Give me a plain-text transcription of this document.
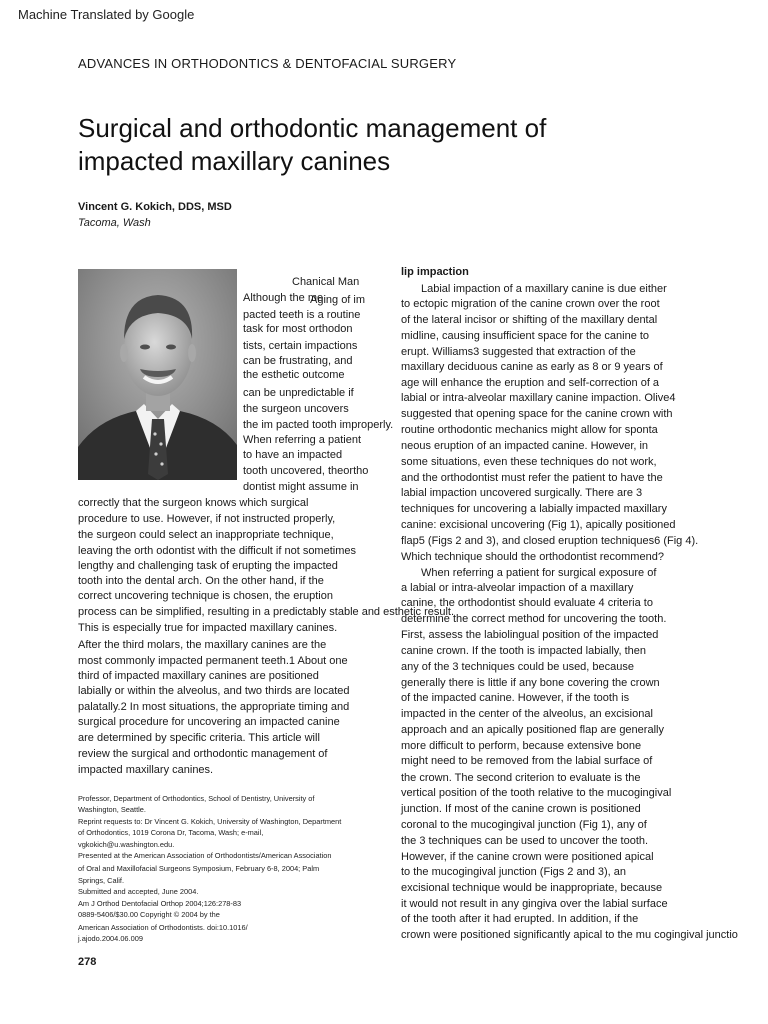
Machine Translated by Google
ADVANCES IN ORTHODONTICS & DENTOFACIAL SURGERY
Surgical and orthodontic management of
impacted maxillary canines
Vincent G. Kokich, DDS, MSD
Tacoma, Wash
Chanical Man
Although the me
Aging of im
pacted teeth is a routine
task for most orthodon
tists, certain impactions
can be frustrating, and
the esthetic outcome
can be unpredictable if
the surgeon uncovers
the im pacted tooth improperly.
When referring a patient
to have an impacted
tooth uncovered, theortho
dontist might assume in
correctly that the surgeon knows which surgical
procedure to use. However, if not instructed properly,
the surgeon could select an inappropriate technique,
leaving the orth odontist with the difficult if not sometimes
lengthy and challenging task of erupting the impacted
tooth into the dental arch. On the other hand, if the
correct uncovering technique is chosen, the eruption
process can be simplified, resulting in a predictably stable and esthetic result.
This is especially true for impacted maxillary canines.
After the third molars, the maxillary canines are the
most commonly impacted permanent teeth.1 About one
third of impacted maxillary canines are positioned
labially or within the alveolus, and two thirds are located
palatally.2 In most situations, the appropriate timing and
surgical procedure for uncovering an impacted canine
are determined by specific criteria. This article will
review the surgical and orthodontic management of
impacted maxillary canines.
lip impaction
Labial impaction of a maxillary canine is due either
to ectopic migration of the canine crown over the root
of the lateral incisor or shifting of the maxillary dental
midline, causing insufficient space for the canine to
erupt. Williams3 suggested that extraction of the
maxillary deciduous canine as early as 8 or 9 years of
age will enhance the eruption and self-correction of a
labial or intra-alveolar maxillary canine impaction. Olive4
suggested that opening space for the canine crown with
routine orthodontic mechanics might allow for sponta
neous eruption of an impacted canine. However, in
some situations, even these techniques do not work,
and the orthodontist must refer the patient to have the
labial impaction uncovered surgically. There are 3
techniques for uncovering a labially impacted maxillary
canine: excisional uncovering (Fig 1), apically positioned
flap5 (Figs 2 and 3), and closed eruption techniques6 (Fig 4).
Which technique should the orthodontist recommend?
When referring a patient for surgical exposure of
a labial or intra-alveolar impaction of a maxillary
canine, the orthodontist should evaluate 4 criteria to
determine the correct method for uncovering the tooth.
First, assess the labiolingual position of the impacted
canine crown. If the tooth is impacted labially, then
any of the 3 techniques could be used, because
generally there is little if any bone covering the crown
of the impacted canine. However, if the tooth is
impacted in the center of the alveolus, an excisional
approach and an apically positioned flap are generally
more difficult to perform, because extensive bone
might need to be removed from the labial surface of
the crown. The second criterion to evaluate is the
vertical position of the tooth relative to the mucogingival
junction. If most of the canine crown is positioned
coronal to the mucogingival junction (Fig 1), any of
the 3 techniques can be used to uncover the tooth.
However, if the canine crown were positioned apical
to the mucogingival junction (Figs 2 and 3), an
excisional technique would be inappropriate, because
it would not result in any gingiva over the labial surface
of the tooth after it had erupted. In addition, if the
crown were positioned significantly apical to the mu cogingival junctio
Professor, Department of Orthodontics, School of Dentistry, University of
Washington, Seattle.
Reprint requests to: Dr Vincent G. Kokich, University of Washington, Department
of Orthodontics, 1019 Corona Dr, Tacoma, Wash; e-mail,
vgkokich@u.washington.edu.
Presented at the American Association of Orthodontists/American Association
of Oral and Maxillofacial Surgeons Symposium, February 6-8, 2004; Palm
Springs, Calif.
Submitted and accepted, June 2004.
Am J Orthod Dentofacial Orthop 2004;126:278-83
0889-5406/$30.00 Copyright © 2004 by the
American Association of Orthodontists. doi:10.1016/
j.ajodo.2004.06.009
278
